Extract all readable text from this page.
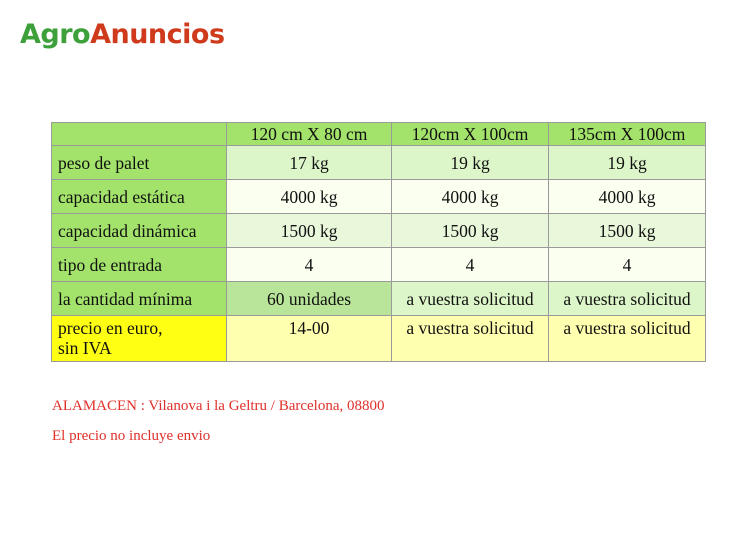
AgroAnuncios
	120 cm X 80 cm	120cm X 100cm	135cm X 100cm
peso de palet	17 kg	19 kg	19 kg
capacidad estática	4000 kg	4000 kg	4000 kg
capacidad dinámica	1500 kg	1500 kg	1500 kg
tipo de entrada	4	4	4
la cantidad mínima	60 unidades	a vuestra solicitud	a vuestra solicitud

precio en euro,
sin IVA	14-00	a vuestra solicitud	a vuestra solicitud
ALAMACEN : Vilanova i la Geltru / Barcelona, 08800
El precio no incluye envio
